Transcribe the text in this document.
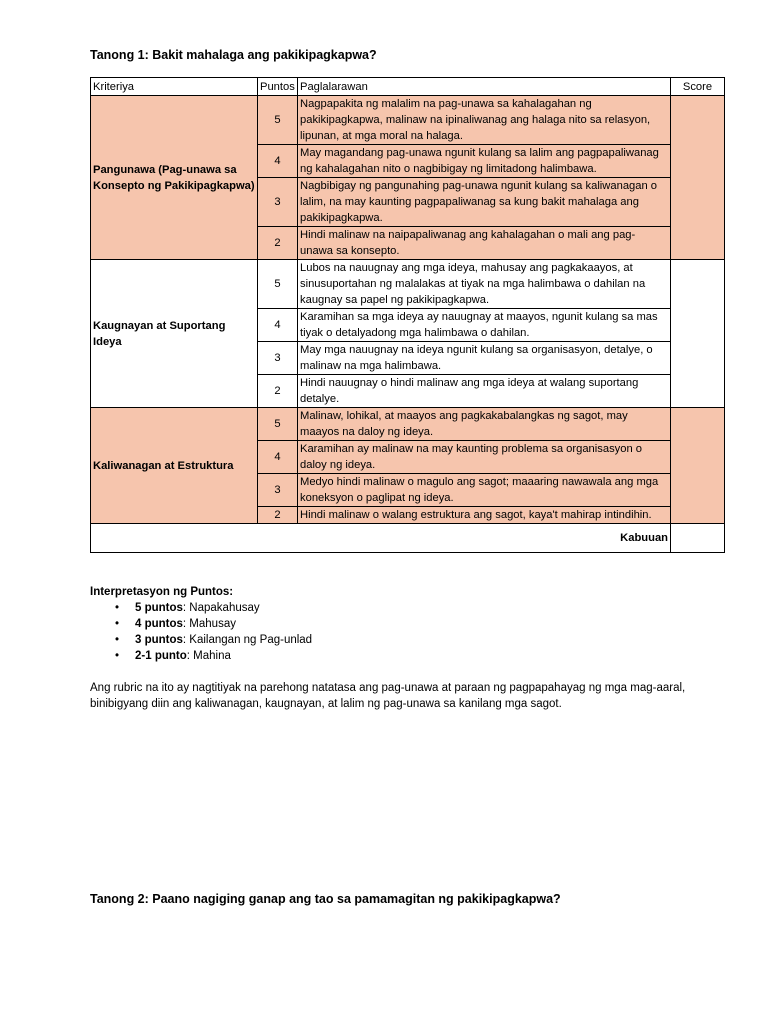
Tanong 1: Bakit mahalaga ang pakikipagkapwa?
Kriteriya	Puntos	Paglalarawan	Score
Pangunawa (Pag-unawa sa Konsepto ng Pakikipagkapwa)	5	Nagpapakita ng malalim na pag-unawa sa kahalagahan ng pakikipagkapwa, malinaw na ipinaliwanag ang halaga nito sa relasyon, lipunan, at mga moral na halaga.	
	4	May magandang pag-unawa ngunit kulang sa lalim ang pagpapaliwanag ng kahalagahan nito o nagbibigay ng limitadong halimbawa.	
	3	Nagbibigay ng pangunahing pag-unawa ngunit kulang sa kaliwanagan o lalim, na may kaunting pagpapaliwanag sa kung bakit mahalaga ang pakikipagkapwa.	
	2	Hindi malinaw na naipapaliwanag ang kahalagahan o mali ang pag-unawa sa konsepto.	
Kaugnayan at Suportang Ideya	5	Lubos na nauugnay ang mga ideya, mahusay ang pagkakaayos, at sinusuportahan ng malalakas at tiyak na mga halimbawa o dahilan na kaugnay sa papel ng pakikipagkapwa.	
	4	Karamihan sa mga ideya ay nauugnay at maayos, ngunit kulang sa mas tiyak o detalyadong mga halimbawa o dahilan.	
	3	May mga nauugnay na ideya ngunit kulang sa organisasyon, detalye, o malinaw na mga halimbawa.	
	2	Hindi nauugnay o hindi malinaw ang mga ideya at walang suportang detalye.	
Kaliwanagan at Estruktura	5	Malinaw, lohikal, at maayos ang pagkakabalangkas ng sagot, may maayos na daloy ng ideya.	
	4	Karamihan ay malinaw na may kaunting problema sa organisasyon o daloy ng ideya.	
	3	Medyo hindi malinaw o magulo ang sagot; maaaring nawawala ang mga koneksyon o paglipat ng ideya.	
	2	Hindi malinaw o walang estruktura ang sagot, kaya't mahirap intindihin.	
Kabuuan			
Interpretasyon ng Puntos:
• 5 puntos: Napakahusay
• 4 puntos: Mahusay
• 3 puntos: Kailangan ng Pag-unlad
• 2-1 punto: Mahina
Ang rubric na ito ay nagtitiyak na parehong natatasa ang pag-unawa at paraan ng pagpapahayag ng mga mag-aaral, binibigyang diin ang kaliwanagan, kaugnayan, at lalim ng pag-unawa sa kanilang mga sagot.
Tanong 2: Paano nagiging ganap ang tao sa pamamagitan ng pakikipagkapwa?
